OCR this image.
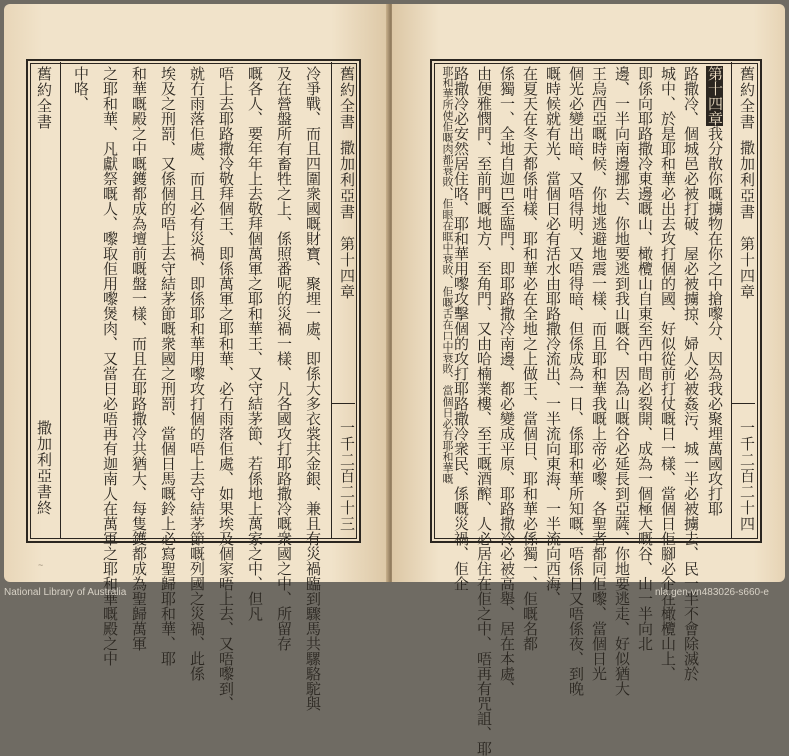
舊約全書
撒加利亞書
第十四章
一千二百二十三
冷爭戰、而且四圍衆國嘅財寶、聚埋一處、即係大多衣裳共金銀、兼且有災禍臨到驟馬共騾駱駝與
及在營盤所有畜牲之上、係照番呢的災禍一樣、凡各國攻打耶路撒冷嘅衆國之中、所留存
嘅各人、要年年上去敬拜個萬軍之耶和華王、又守結茅節、若係地上萬家之中、但凡
唔上去耶路撒冷敬拜個王、即係萬軍之耶和華、必冇雨落佢處、如果埃及個家唔上去、又唔嚟到、
就冇雨落佢處、而且必有災禍、即係耶和華用嚟攻打個的唔上去守結茅節嘅列國之災禍、此係
埃及之刑罰、又係個的唔上去守結茅節嘅衆國之刑罰、當個日馬嘅鈴上必寫聖歸耶和華、耶
和華嘅殿之中嘅鑊都成為壇前嘅盤一樣、而且在耶路撒冷共猶大、每隻鑊都成為聖歸萬軍
之耶和華、凡獻祭嘅人、嚟取佢用嚟煲肉、又當日必唔再有迦南人在萬軍之耶和華嘅殿之中
中咯、
舊約全書
撒加利亞書終
舊約全書
撒加利亞書
第十四章
一千二百二十四
第十四章我分散你嘅擄物在你之中搶嚟分、因為我必聚埋萬國攻打耶
路撒冷、個城邑必被打破、屋必被擄掠、婦人必被姦污、城一半必被擄去、民一半不會除滅於
城中、於是耶和華必出去攻打個的國、好似從前打仗嘅日一樣、當個日佢腳必企在橄欖山上、
即係向耶路撒冷東邊嘅山、橄欖山自東至西中間必裂開、成為一個極大嘅谷、山一半向北
邊、一半向南邊挪去、你地要逃到我山嘅谷、因為山嘅谷必延長到亞薩、你地要逃走、好似猶大
王烏西亞嘅時候、你地逃避地震一樣、而且耶和華我嘅上帝必嚟、各聖者都同佢嚟、當個日光
個光必變出暗、又唔得明、又唔得暗、但係成為一日、係耶和華所知嘅、唔係日又唔係夜、到晚
嘅時候就有光、當個日必有活水由耶路撒冷流出、一半流向東海、一半流向西海、
在夏天在冬天都係咁樣、耶和華必在全地之上做王、當個日、耶和華必係獨一、佢嘅名都
係獨一、全地自迦巴至臨門、即耶路撒冷南邊、都必變成平原、耶路撒冷必被高舉、居在本處、
由便雅憫門、至前門嘅地方、至角門、又由哈楠業樓、至王嘅酒醡、人必居住在佢之中、唔再有咒詛、耶
路撒冷必安然居住咯、耶和華用嚟攻擊個的攻打耶路撒冷衆民、係嘅災禍、佢企
耶和華所使佢嘅肉都衰敗、佢眼在眶中衰敗、佢嘅舌在口中衰敗、當個日必有耶和華嘅
~
National Library of Australia	nla.gen-vn483026-s660-e
